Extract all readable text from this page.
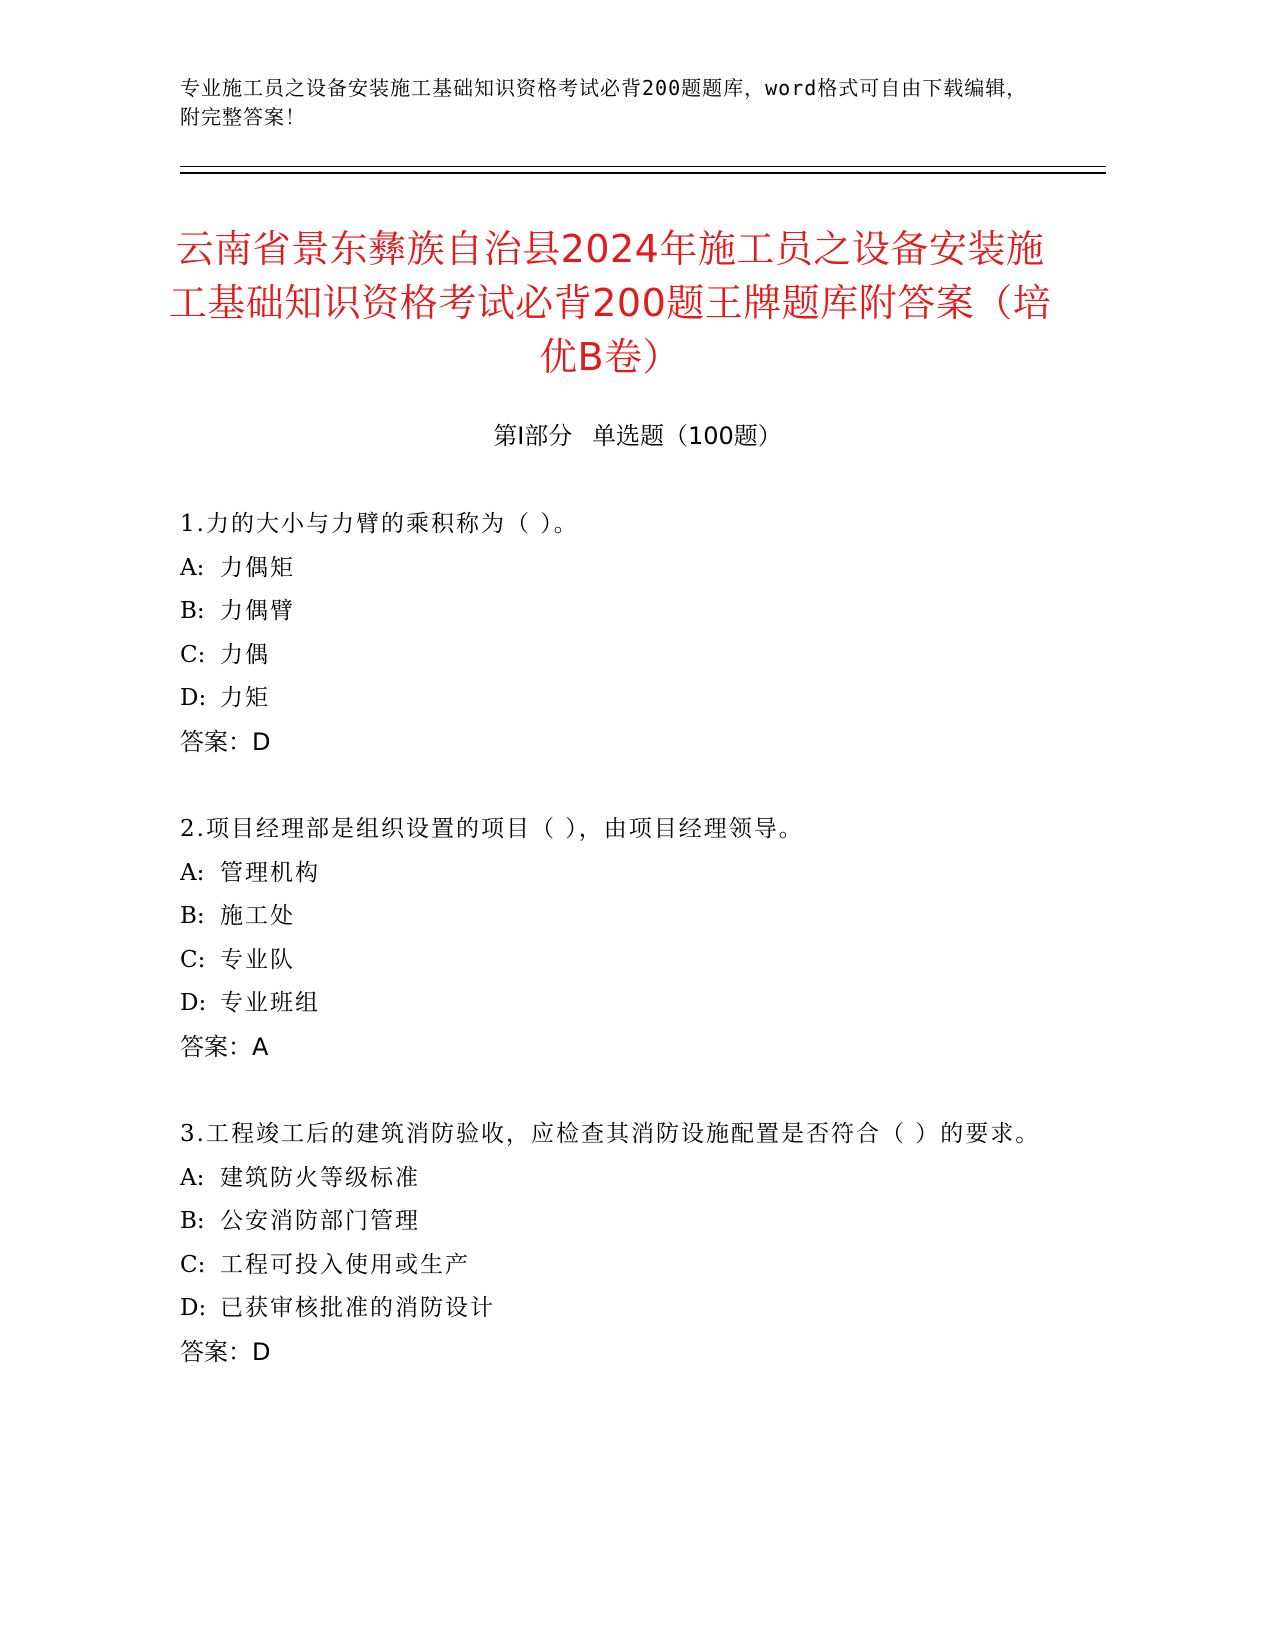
专业施工员之设备安装施工基础知识资格考试必背200题题库，word格式可自由下载编辑，附完整答案！
云南省景东彝族自治县2024年施工员之设备安装施工基础知识资格考试必背200题王牌题库附答案（培优B卷）
第Ⅰ部分 单选题（100题）
1.力的大小与力臂的乘积称为（ ）。
A: 力偶矩
B: 力偶臂
C: 力偶
D: 力矩
答案：D
2.项目经理部是组织设置的项目（ ），由项目经理领导。
A: 管理机构
B: 施工处
C: 专业队
D: 专业班组
答案：A
3.工程竣工后的建筑消防验收，应检查其消防设施配置是否符合（ ）的要求。
A: 建筑防火等级标准
B: 公安消防部门管理
C: 工程可投入使用或生产
D: 已获审核批准的消防设计
答案：D
